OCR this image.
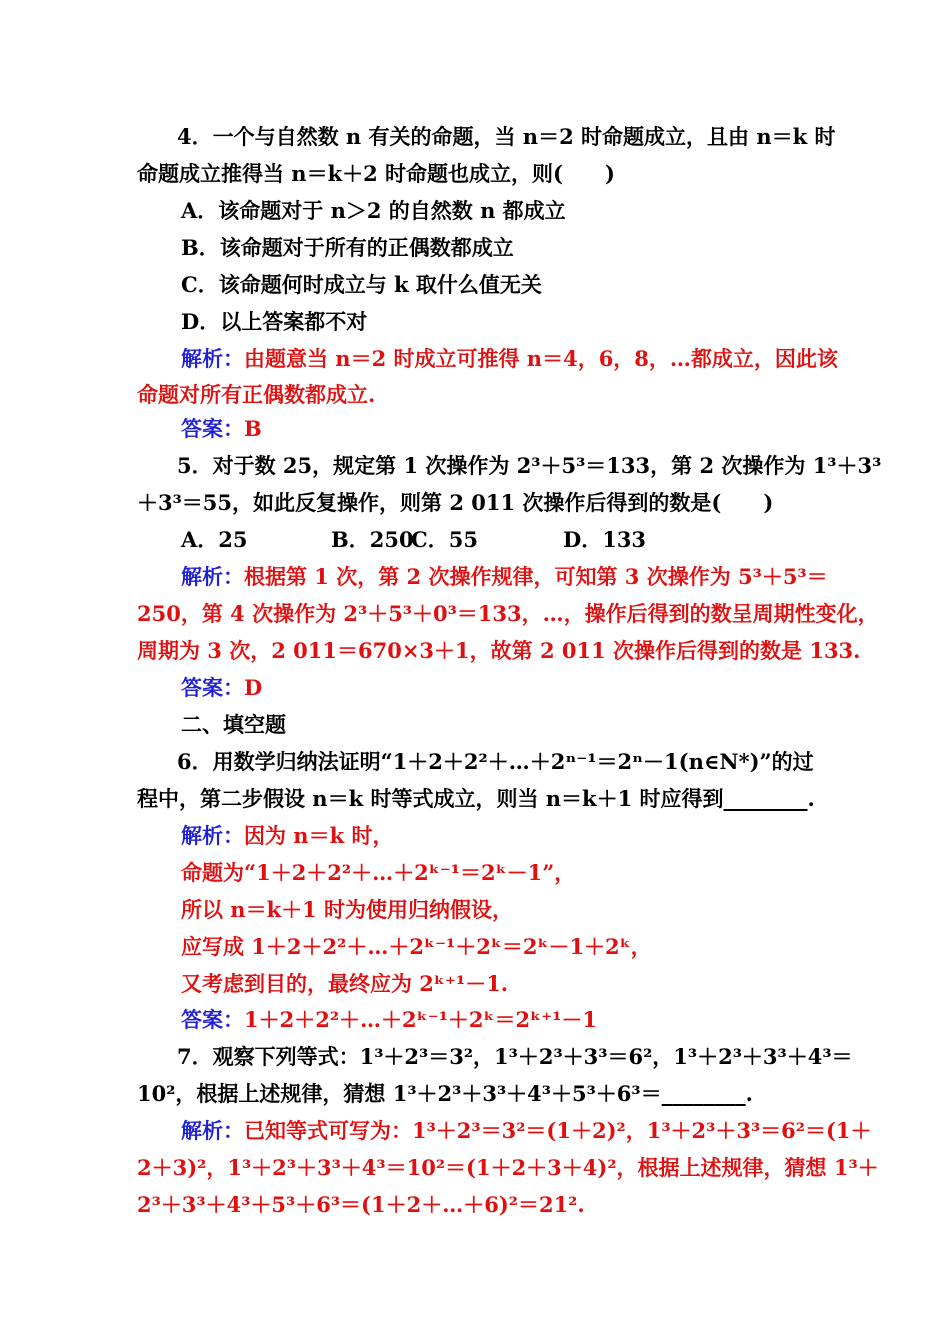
4．一个与自然数 n 有关的命题，当 n＝2 时命题成立，且由 n＝k 时
命题成立推得当 n＝k＋2 时命题也成立，则(　　)
A．该命题对于 n＞2 的自然数 n 都成立
B．该命题对于所有的正偶数都成立
C．该命题何时成立与 k 取什么值无关
D．以上答案都不对
解析：由题意当 n＝2 时成立可推得 n＝4，6，8，…都成立，因此该
命题对所有正偶数都成立.
答案：B
5．对于数 25，规定第 1 次操作为 2³＋5³＝133，第 2 次操作为 1³＋3³
＋3³＝55，如此反复操作，则第 2 011 次操作后得到的数是(　　)
A．25	B．250C．55	D．133
解析：根据第 1 次，第 2 次操作规律，可知第 3 次操作为 5³＋5³＝
250，第 4 次操作为 2³＋5³＋0³＝133，…，操作后得到的数呈周期性变化，
周期为 3 次，2 011＝670×3＋1，故第 2 011 次操作后得到的数是 133.
答案：D
二、填空题
6．用数学归纳法证明“1＋2＋2²＋…＋2ⁿ⁻¹＝2ⁿ－1(n∈N*)”的过
程中，第二步假设 n＝k 时等式成立，则当 n＝k＋1 时应得到________.
解析：因为 n＝k 时，
命题为“1＋2＋2²＋…＋2ᵏ⁻¹＝2ᵏ－1”，
所以 n＝k＋1 时为使用归纳假设，
应写成 1＋2＋2²＋…＋2ᵏ⁻¹＋2ᵏ＝2ᵏ－1＋2ᵏ，
又考虑到目的，最终应为 2ᵏ⁺¹－1.
答案：1＋2＋2²＋…＋2ᵏ⁻¹＋2ᵏ＝2ᵏ⁺¹－1
7．观察下列等式：1³＋2³＝3²，1³＋2³＋3³＝6²，1³＋2³＋3³＋4³＝
10²，根据上述规律，猜想 1³＋2³＋3³＋4³＋5³＋6³＝________.
解析：已知等式可写为：1³＋2³＝3²＝(1＋2)²，1³＋2³＋3³＝6²＝(1＋
2＋3)²，1³＋2³＋3³＋4³＝10²＝(1＋2＋3＋4)²，根据上述规律，猜想 1³＋
2³＋3³＋4³＋5³＋6³＝(1＋2＋…＋6)²＝21².
